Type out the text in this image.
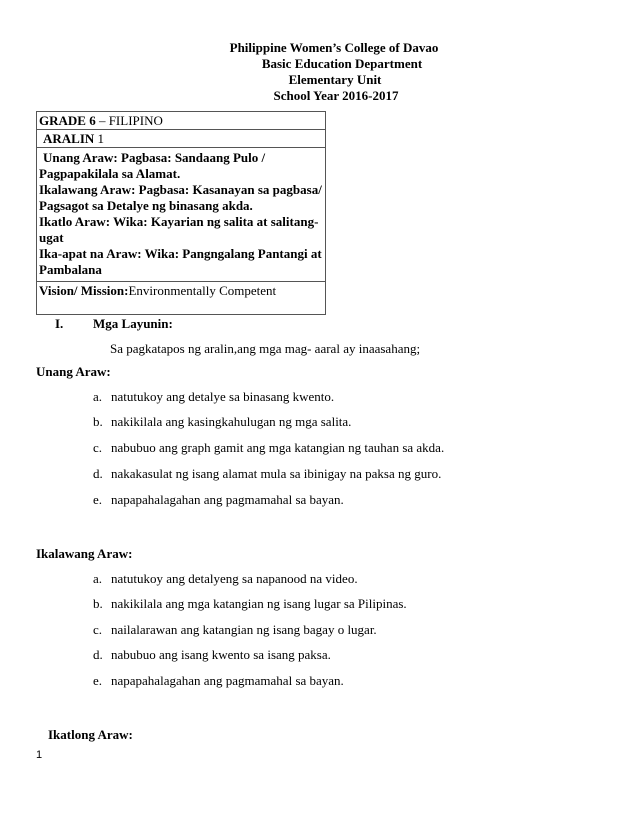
Philippine Women’s College of Davao
Basic Education Department
Elementary Unit
School Year 2016-2017
GRADE 6 – FILIPINO
ARALIN 1
Unang Araw: Pagbasa: Sandaang Pulo /
Pagpapakilala sa Alamat.
Ikalawang Araw: Pagbasa: Kasanayan sa pagbasa/
Pagsagot sa Detalye ng binasang akda.
Ikatlo Araw: Wika: Kayarian ng salita at salitang-
ugat
Ika-apat na Araw: Wika: Pangngalang Pantangi at
Pambalana
Vision/ Mission:Environmentally Competent
I. Mga Layunin:
Sa pagkatapos ng aralin,ang mga mag- aaral ay inaasahang;
Unang Araw:
a. natutukoy ang detalye sa binasang kwento.
b. nakikilala ang kasingkahulugan ng mga salita.
c. nabubuo ang graph gamit ang mga katangian ng tauhan sa akda.
d. nakakasulat ng isang alamat mula sa ibinigay na paksa ng guro.
e. napapahalagahan ang pagmamahal sa bayan.
Ikalawang Araw:
a. natutukoy ang detalyeng sa napanood na video.
b. nakikilala ang mga katangian ng isang lugar sa Pilipinas.
c. nailalarawan ang katangian ng isang bagay o lugar.
d. nabubuo ang isang kwento sa isang paksa.
e. napapahalagahan ang pagmamahal sa bayan.
Ikatlong Araw:
1
